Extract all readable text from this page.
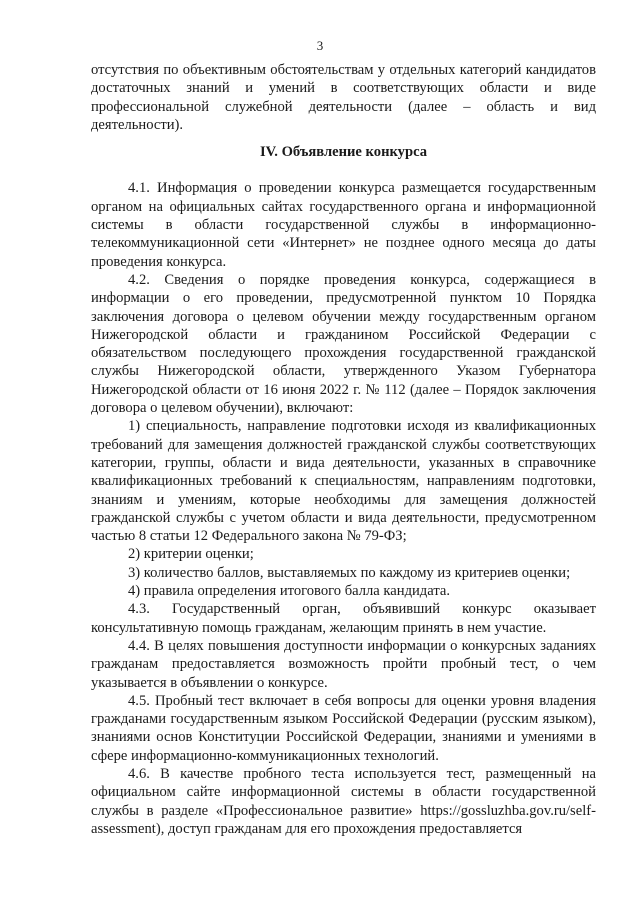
3

отсутствия по объективным обстоятельствам у отдельных категорий кандидатов достаточных знаний и умений в соответствующих области и виде профессиональной служебной деятельности (далее – область и вид деятельности).

IV. Объявление конкурса

4.1. Информация о проведении конкурса размещается государственным органом на официальных сайтах государственного органа и информационной системы в области государственной службы в информационно-телекоммуникационной сети «Интернет» не позднее одного месяца до даты проведения конкурса.

4.2. Сведения о порядке проведения конкурса, содержащиеся в информации о его проведении, предусмотренной пунктом 10 Порядка заключения договора о целевом обучении между государственным органом Нижегородской области и гражданином Российской Федерации с обязательством последующего прохождения государственной гражданской службы Нижегородской области, утвержденного Указом Губернатора Нижегородской области от 16 июня 2022 г. № 112 (далее – Порядок заключения договора о целевом обучении), включают:

1) специальность, направление подготовки исходя из квалификационных требований для замещения должностей гражданской службы соответствующих категории, группы, области и вида деятельности, указанных в справочнике квалификационных требований к специальностям, направлениям подготовки, знаниям и умениям, которые необходимы для замещения должностей гражданской службы с учетом области и вида деятельности, предусмотренном частью 8 статьи 12 Федерального закона № 79-ФЗ;

2) критерии оценки;

3) количество баллов, выставляемых по каждому из критериев оценки;

4) правила определения итогового балла кандидата.

4.3. Государственный орган, объявивший конкурс оказывает консультативную помощь гражданам, желающим принять в нем участие.

4.4. В целях повышения доступности информации о конкурсных заданиях гражданам предоставляется возможность пройти пробный тест, о чем указывается в объявлении о конкурсе.

4.5. Пробный тест включает в себя вопросы для оценки уровня владения гражданами государственным языком Российской Федерации (русским языком), знаниями основ Конституции Российской Федерации, знаниями и умениями в сфере информационно-коммуникационных технологий.

4.6. В качестве пробного теста используется тест, размещенный на официальном сайте информационной системы в области государственной службы в разделе «Профессиональное развитие» https://gossluzhba.gov.ru/self-assessment), доступ гражданам для его прохождения предоставляется
